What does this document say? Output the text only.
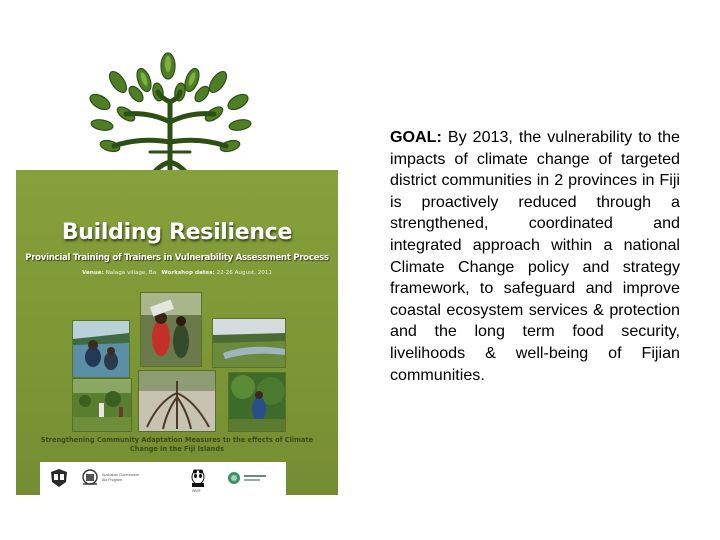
Building Resilience
Provincial Training of Trainers in Vulnerability Assessment Process
Venue: Nalaga village, Ba Workshop dates: 22-26 August, 2011
Strengthening Community Adaptation Measures to the effects of Climate Change in the Fiji Islands
Australian Government
Aid Program
WWF

GOAL: By 2013, the vulnerability to the impacts of climate change of targeted district communities in 2 provinces in Fiji is proactively reduced through a strengthened, coordinated and integrated approach within a national Climate Change policy and strategy framework, to safeguard and improve coastal ecosystem services & protection and the long term food security, livelihoods & well-being of Fijian communities.
